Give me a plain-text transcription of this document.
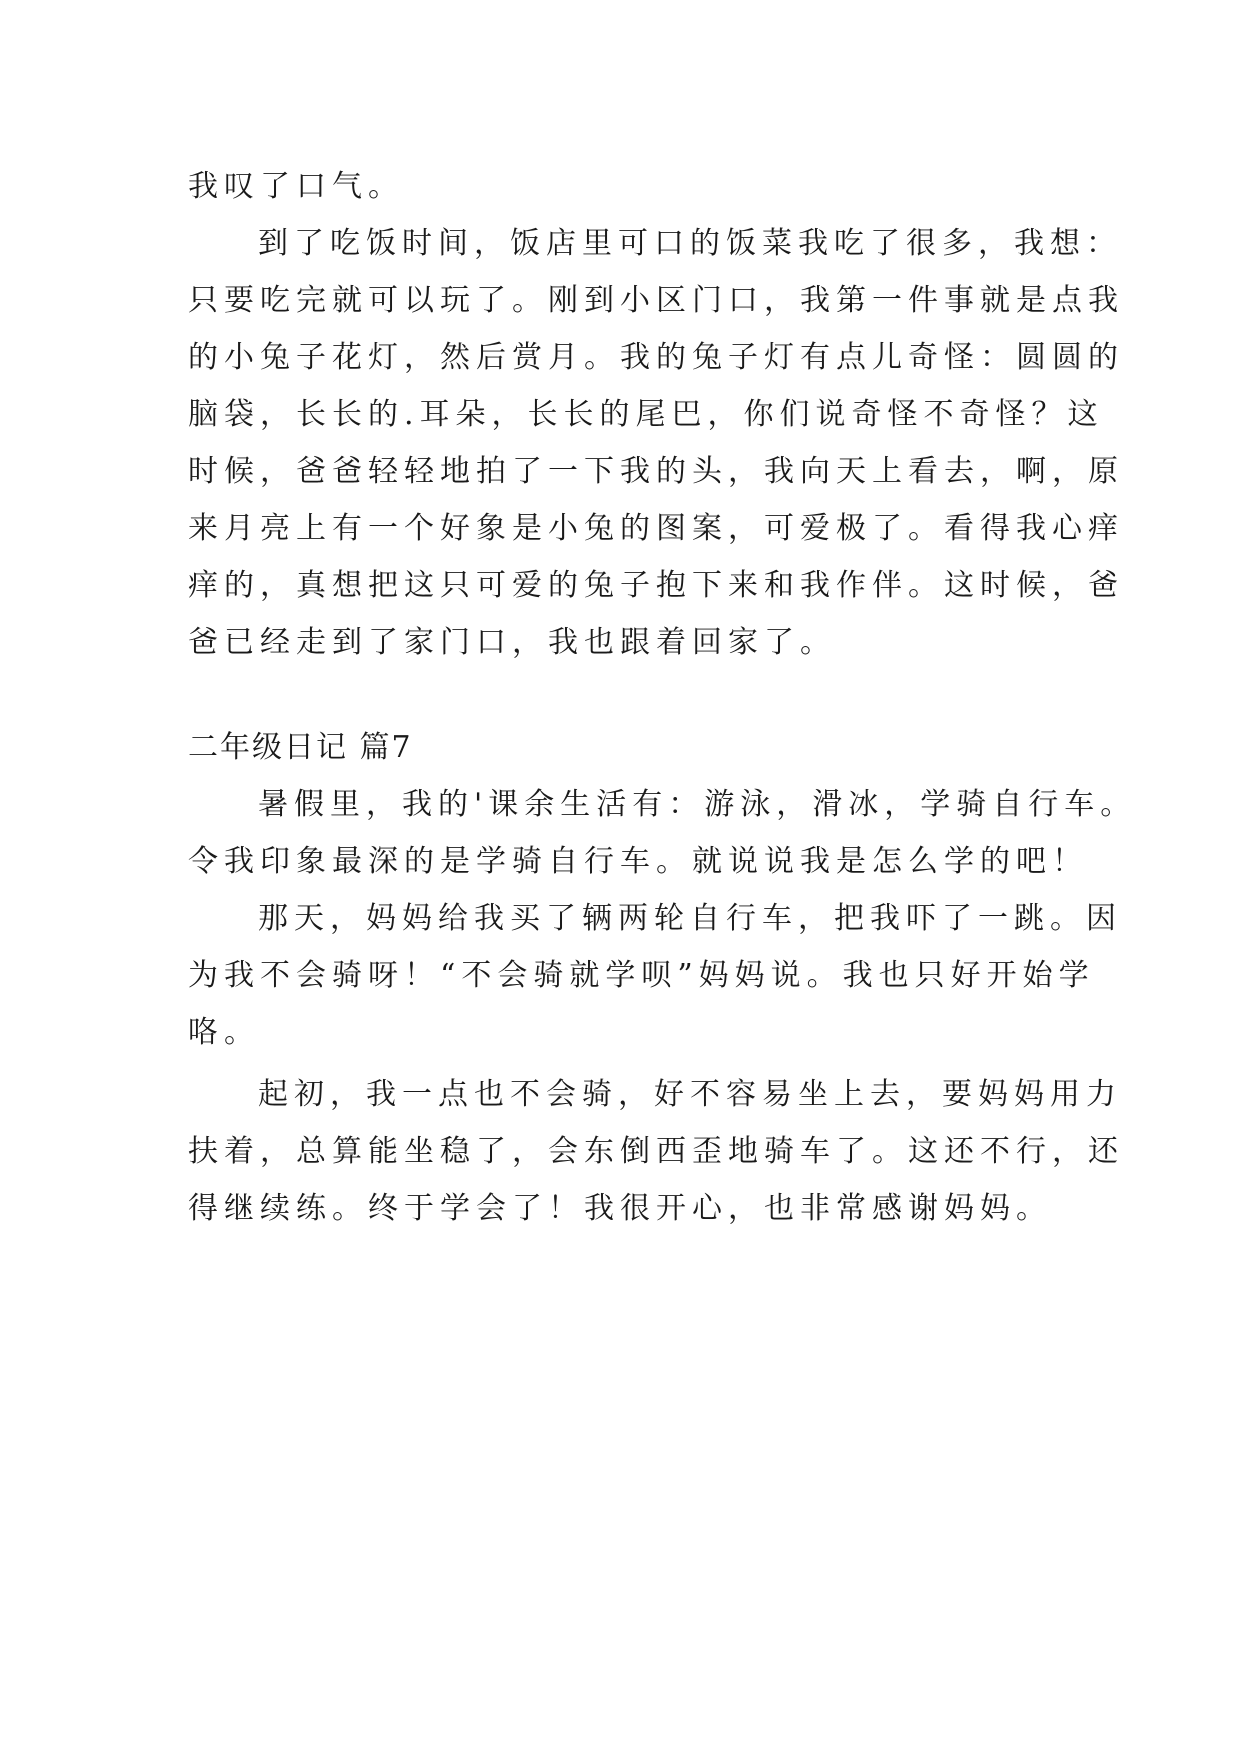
我叹了口气。

到了吃饭时间，饭店里可口的饭菜我吃了很多，我想：
只要吃完就可以玩了。刚到小区门口，我第一件事就是点我
的小兔子花灯，然后赏月。我的兔子灯有点儿奇怪：圆圆的
脑袋，长长的.耳朵，长长的尾巴，你们说奇怪不奇怪？这
时候，爸爸轻轻地拍了一下我的头，我向天上看去，啊，原
来月亮上有一个好象是小兔的图案，可爱极了。看得我心痒
痒的，真想把这只可爱的兔子抱下来和我作伴。这时候，爸
爸已经走到了家门口，我也跟着回家了。

二年级日记 篇7

暑假里，我的'课余生活有：游泳，滑冰，学骑自行车。
令我印象最深的是学骑自行车。就说说我是怎么学的吧！

那天，妈妈给我买了辆两轮自行车，把我吓了一跳。因
为我不会骑呀！“不会骑就学呗”妈妈说。我也只好开始学
咯。

起初，我一点也不会骑，好不容易坐上去，要妈妈用力
扶着，总算能坐稳了，会东倒西歪地骑车了。这还不行，还
得继续练。终于学会了！我很开心，也非常感谢妈妈。
